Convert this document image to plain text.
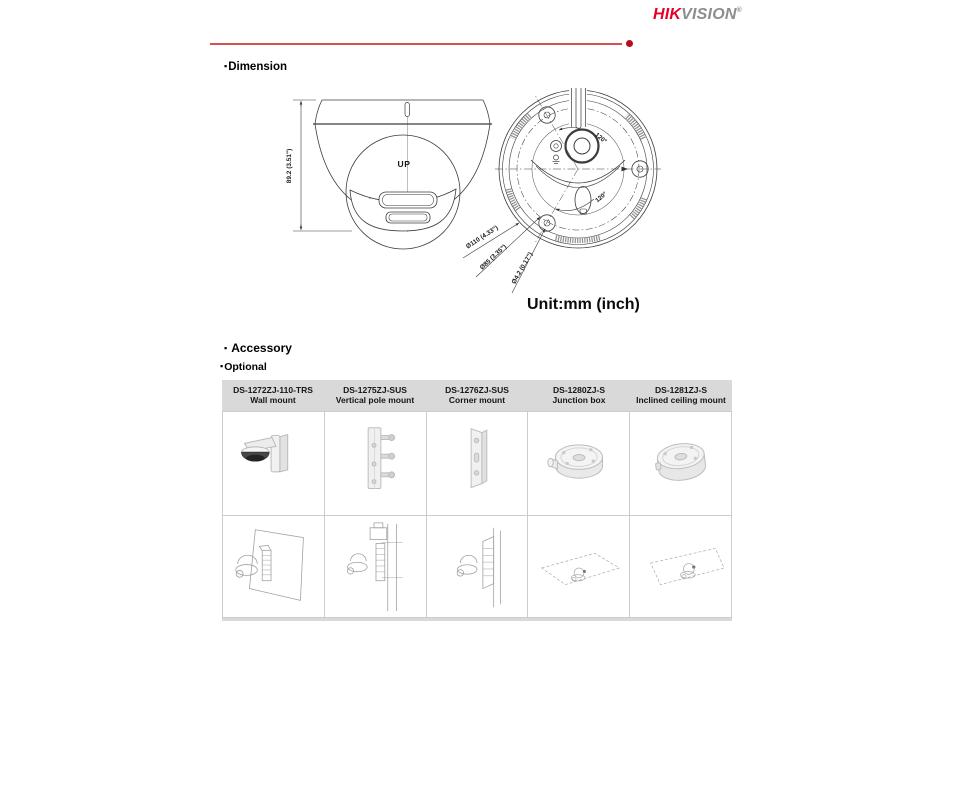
HIKVISION®
▪Dimension
89.2 (3.51")	UP
120°
120°
Ø110 (4.33")
Ø85 (3.35") Ø4.2 (0.17")
Unit:mm (inch)
▪ Accessory
▪Optional
DS-1272ZJ-110-TRS
Wall mount
DS-1275ZJ-SUS
Vertical pole mount
DS-1276ZJ-SUS
Corner mount
DS-1280ZJ-S
Junction box
DS-1281ZJ-S
Inclined ceiling mount
